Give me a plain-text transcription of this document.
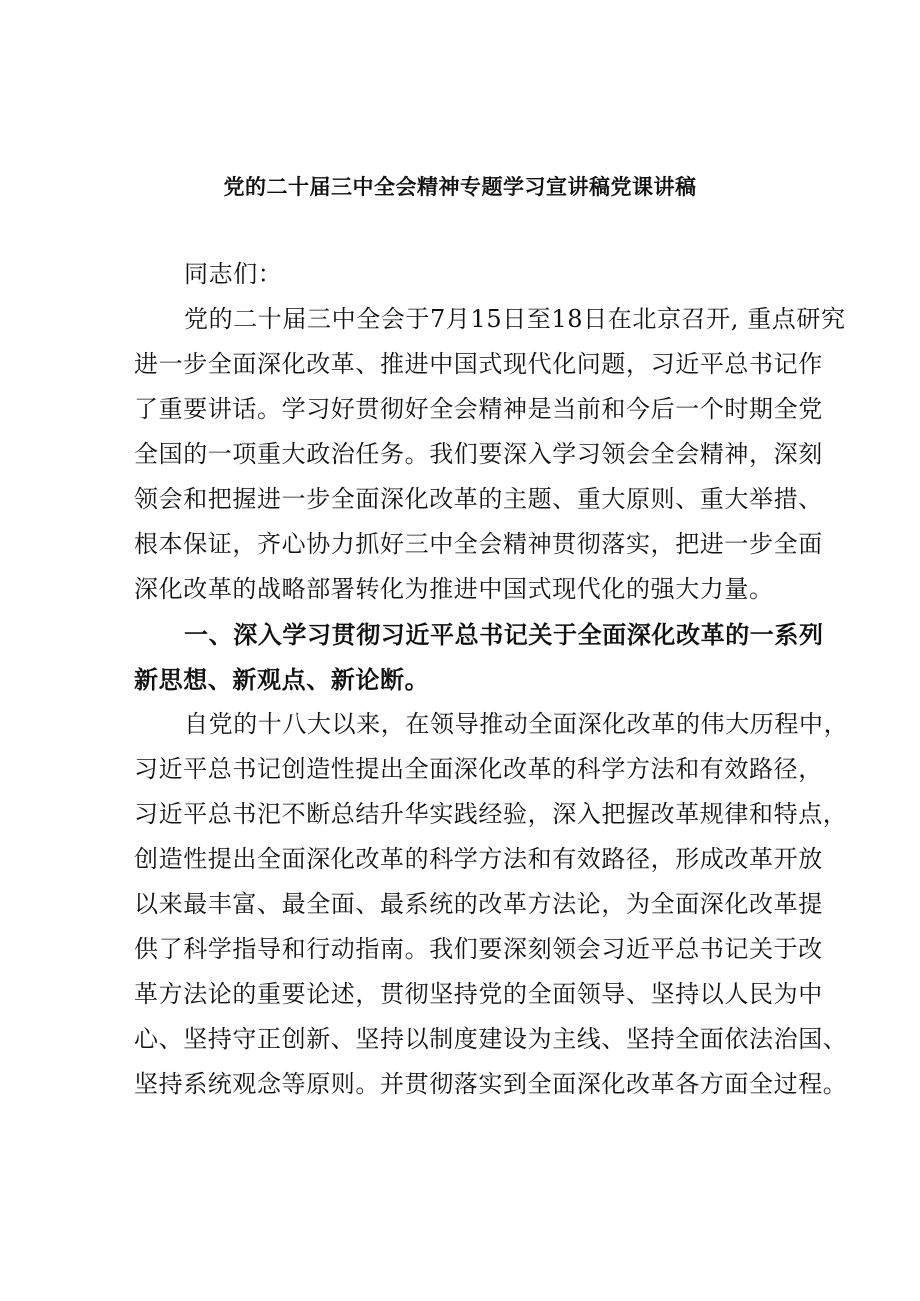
党的二十届三中全会精神专题学习宣讲稿党课讲稿
同志们：
党的二十届三中全会于7月15日至18日在北京召开, 重点研究
进一步全面深化改革、推进中国式现代化问题，习近平总书记作
了重要讲话。学习好贯彻好全会精神是当前和今后一个时期全党
全国的一项重大政治任务。我们要深入学习领会全会精神，深刻
领会和把握进一步全面深化改革的主题、重大原则、重大举措、
根本保证，齐心协力抓好三中全会精神贯彻落实，把进一步全面
深化改革的战略部署转化为推进中国式现代化的强大力量。
一、深入学习贯彻习近平总书记关于全面深化改革的一系列
新思想、新观点、新论断。
自党的十八大以来，在领导推动全面深化改革的伟大历程中，
习近平总书记创造性提出全面深化改革的科学方法和有效路径，
习近平总书汜不断总结升华实践经验，深入把握改革规律和特点，
创造性提出全面深化改革的科学方法和有效路径，形成改革开放
以来最丰富、最全面、最系统的改革方法论，为全面深化改革提
供了科学指导和行动指南。我们要深刻领会习近平总书记关于改
革方法论的重要论述，贯彻坚持党的全面领导、坚持以人民为中
心、坚持守正创新、坚持以制度建设为主线、坚持全面依法治国、
坚持系统观念等原则。并贯彻落实到全面深化改革各方面全过程。
